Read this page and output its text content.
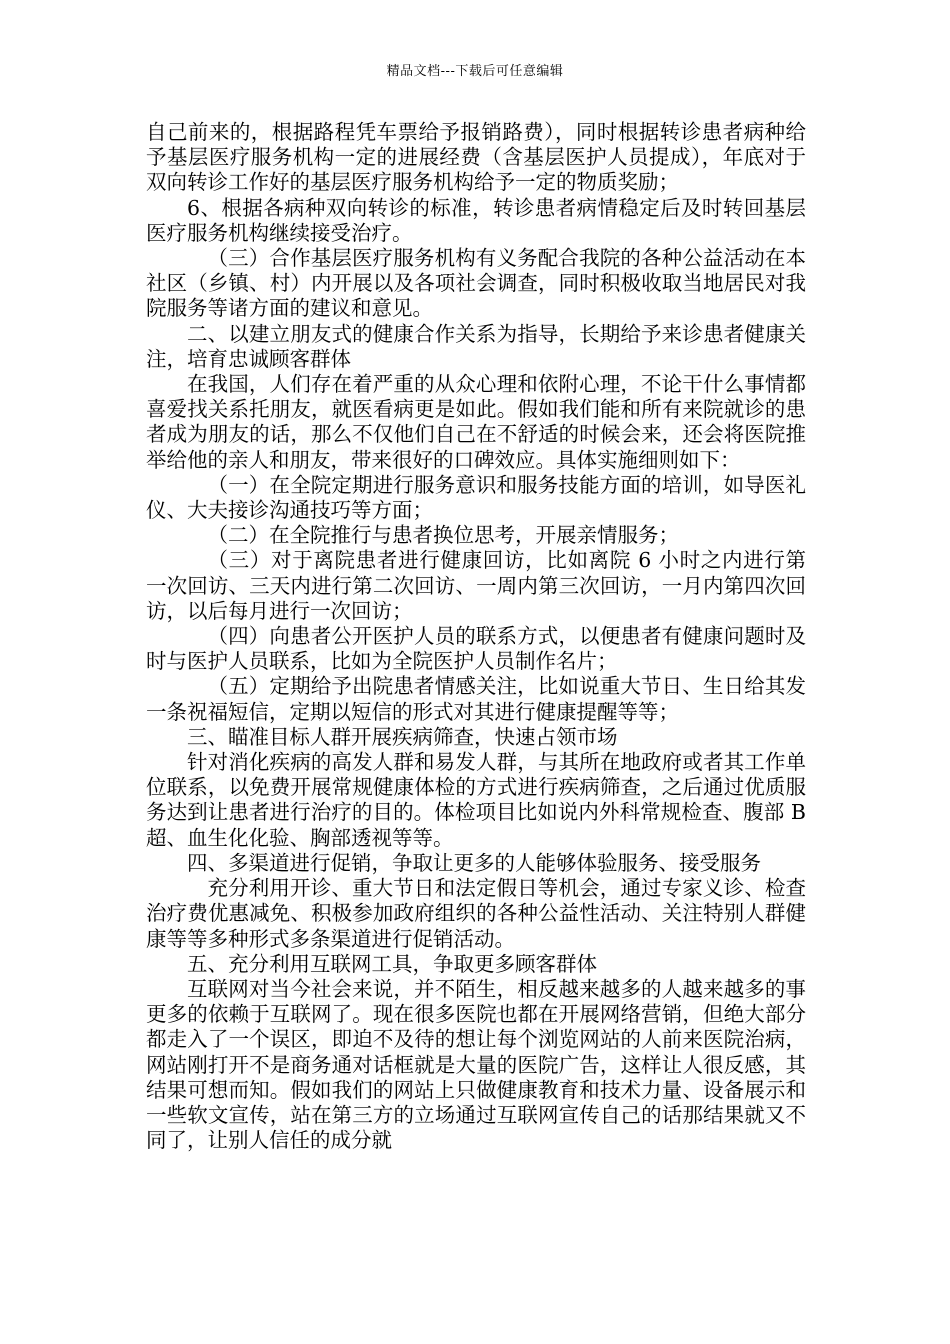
精品文档---下载后可任意编辑

自己前来的，根据路程凭车票给予报销路费），同时根据转诊患者病种给予基层医疗服务机构一定的进展经费（含基层医护人员提成），年底对于双向转诊工作好的基层医疗服务机构给予一定的物质奖励；

6、根据各病种双向转诊的标准，转诊患者病情稳定后及时转回基层医疗服务机构继续接受治疗。

（三）合作基层医疗服务机构有义务配合我院的各种公益活动在本社区（乡镇、村）内开展以及各项社会调查，同时积极收取当地居民对我院服务等诸方面的建议和意见。

二、以建立朋友式的健康合作关系为指导，长期给予来诊患者健康关注，培育忠诚顾客群体

在我国，人们存在着严重的从众心理和依附心理，不论干什么事情都喜爱找关系托朋友，就医看病更是如此。假如我们能和所有来院就诊的患者成为朋友的话，那么不仅他们自己在不舒适的时候会来，还会将医院推举给他的亲人和朋友，带来很好的口碑效应。具体实施细则如下：

（一）在全院定期进行服务意识和服务技能方面的培训，如导医礼仪、大夫接诊沟通技巧等方面；

（二）在全院推行与患者换位思考，开展亲情服务；

（三）对于离院患者进行健康回访，比如离院 6 小时之内进行第一次回访、三天内进行第二次回访、一周内第三次回访，一月内第四次回访，以后每月进行一次回访；

（四）向患者公开医护人员的联系方式，以便患者有健康问题时及时与医护人员联系，比如为全院医护人员制作名片；

（五）定期给予出院患者情感关注，比如说重大节日、生日给其发一条祝福短信，定期以短信的形式对其进行健康提醒等等；

三、瞄准目标人群开展疾病筛查，快速占领市场

针对消化疾病的高发人群和易发人群，与其所在地政府或者其工作单位联系，以免费开展常规健康体检的方式进行疾病筛查，之后通过优质服务达到让患者进行治疗的目的。体检项目比如说内外科常规检查、腹部 B 超、血生化化验、胸部透视等等。

四、多渠道进行促销，争取让更多的人能够体验服务、接受服务

充分利用开诊、重大节日和法定假日等机会，通过专家义诊、检查治疗费优惠减免、积极参加政府组织的各种公益性活动、关注特别人群健康等等多种形式多条渠道进行促销活动。

五、充分利用互联网工具，争取更多顾客群体

互联网对当今社会来说，并不陌生，相反越来越多的人越来越多的事更多的依赖于互联网了。现在很多医院也都在开展网络营销，但绝大部分都走入了一个误区，即迫不及待的想让每个浏览网站的人前来医院治病，网站刚打开不是商务通对话框就是大量的医院广告，这样让人很反感，其结果可想而知。假如我们的网站上只做健康教育和技术力量、设备展示和一些软文宣传，站在第三方的立场通过互联网宣传自己的话那结果就又不同了，让别人信任的成分就
